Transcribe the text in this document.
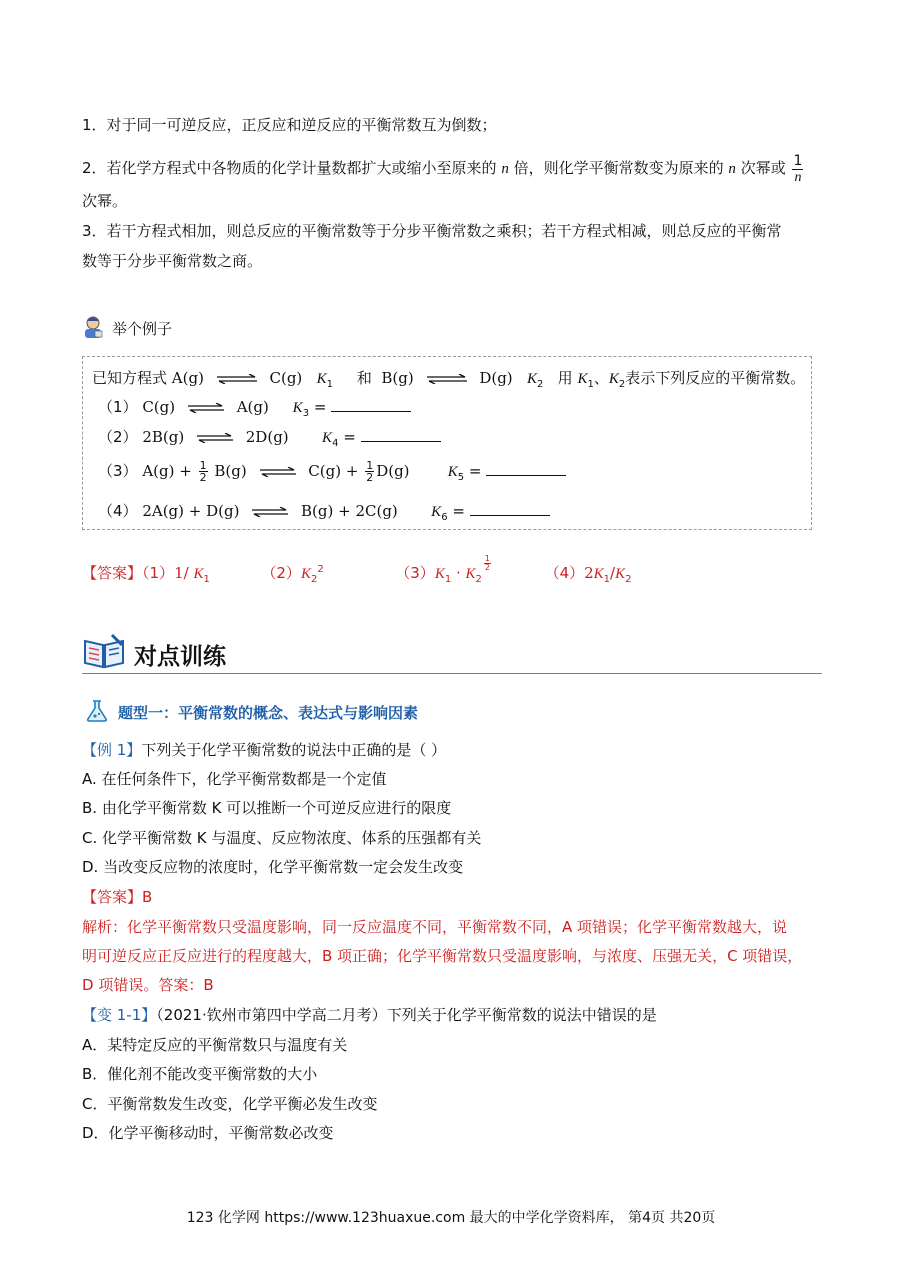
1．对于同一可逆反应，正反应和逆反应的平衡常数互为倒数；
2．若化学方程式中各物质的化学计量数都扩大或缩小至原来的 n 倍，则化学平衡常数变为原来的 n 次幂或 $\frac{1}{n}$
次幂。
3．若干方程式相加，则总反应的平衡常数等于分步平衡常数之乘积；若干方程式相减，则总反应的平衡常
数等于分步平衡常数之商。
举个例子
已知方程式 A(g) ⇌ C(g) $K_1$ 和 B(g) ⇌ D(g) $K_2$ 用 $K_1$、$K_2$表示下列反应的平衡常数。
（1） C(g) ⇌ A(g) $K_3$ =
（2） 2B(g) ⇌ 2D(g) $K_4$ =
（3） $A(g) + \frac{1}{2} B(g)$ ⇌ $C(g) + \frac{1}{2} D(g)$	$K_5$ =
（4） 2A(g) + D(g) ⇌ B(g) + 2C(g) $K_6$ =
【答案】（1）1/ $K_1$	$(2)K_2^2$	$(3)K_1 \cdot K_2$
$\frac{1}{2}$
$(4)2K_1/K_2$
对点训练
题型一：平衡常数的概念、表达式与影响因素
【例 1】下列关于化学平衡常数的说法中正确的是（ ）
A. 在任何条件下，化学平衡常数都是一个定值
B. 由化学平衡常数 K 可以推断一个可逆反应进行的限度
C. 化学平衡常数 K 与温度、反应物浓度、体系的压强都有关
D. 当改变反应物的浓度时，化学平衡常数一定会发生改变
【答案】B
解析：化学平衡常数只受温度影响，同一反应温度不同，平衡常数不同，A 项错误；化学平衡常数越大，说
明可逆反应正反应进行的程度越大，B 项正确；化学平衡常数只受温度影响，与浓度、压强无关，C 项错误，
D 项错误。答案：B
【变 1-1】（2021·钦州市第四中学高二月考）下列关于化学平衡常数的说法中错误的是
A．某特定反应的平衡常数只与温度有关
B．催化剂不能改变平衡常数的大小
C．平衡常数发生改变，化学平衡必发生改变
D．化学平衡移动时，平衡常数必改变
123 化学网 https://www.123huaxue.com 最大的中学化学资料库， 第4页 共20页
